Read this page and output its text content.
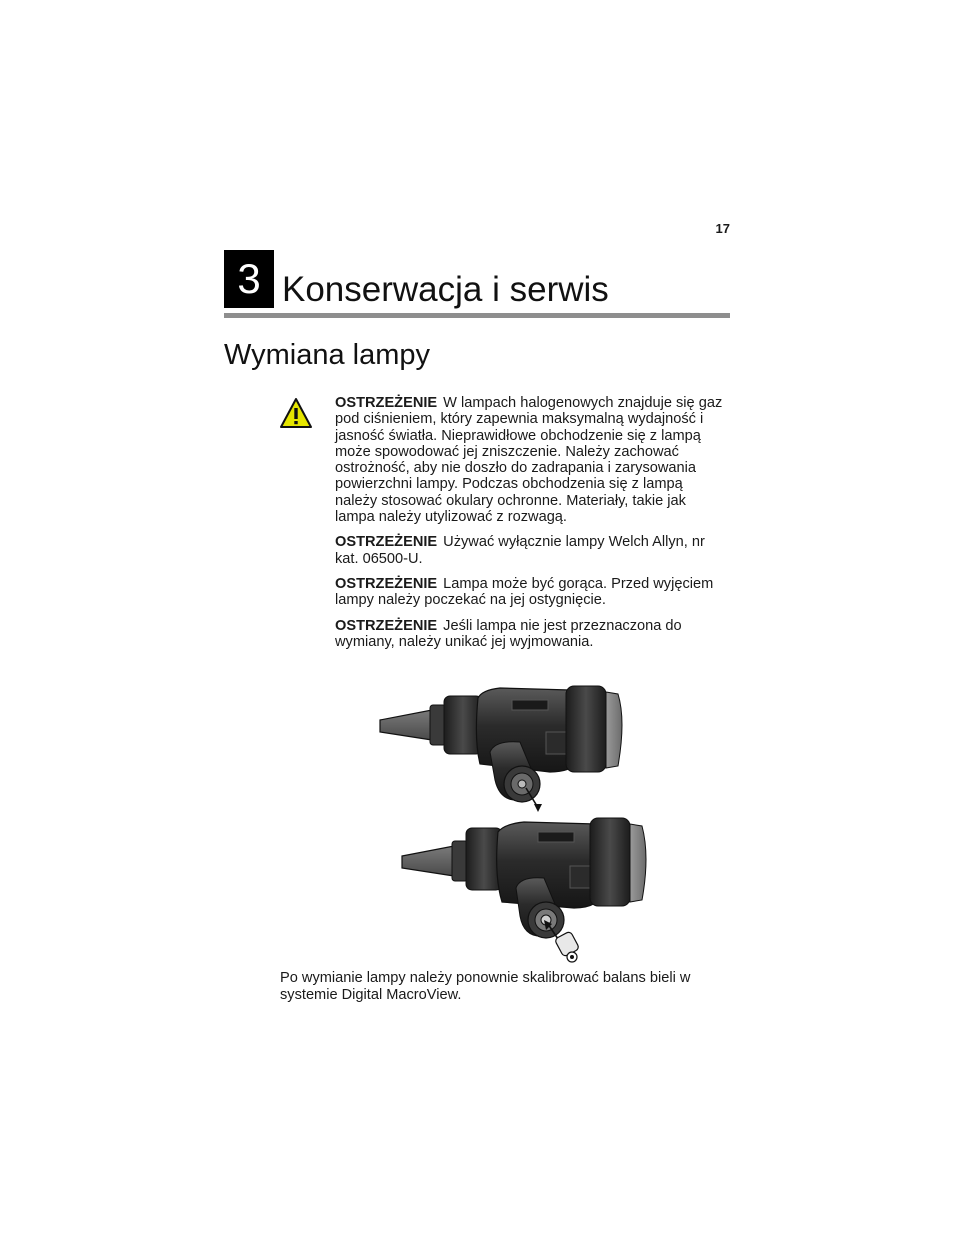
17
3 Konserwacja i serwis
Wymiana lampy

OSTRZEŻENIE W lampach halogenowych znajduje się gaz pod ciśnieniem, który zapewnia maksymalną wydajność i jasność światła. Nieprawidłowe obchodzenie się z lampą może spowodować jej zniszczenie. Należy zachować ostrożność, aby nie doszło do zadrapania i zarysowania powierzchni lampy. Podczas obchodzenia się z lampą należy stosować okulary ochronne. Materiały, takie jak lampa należy utylizować z rozwagą.

OSTRZEŻENIE Używać wyłącznie lampy Welch Allyn, nr kat. 06500-U.

OSTRZEŻENIE Lampa może być gorąca. Przed wyjęciem lampy należy poczekać na jej ostygnięcie.

OSTRZEŻENIE Jeśli lampa nie jest przeznaczona do wymiany, należy unikać jej wyjmowania.

Po wymianie lampy należy ponownie skalibrować balans bieli w systemie Digital MacroView.
